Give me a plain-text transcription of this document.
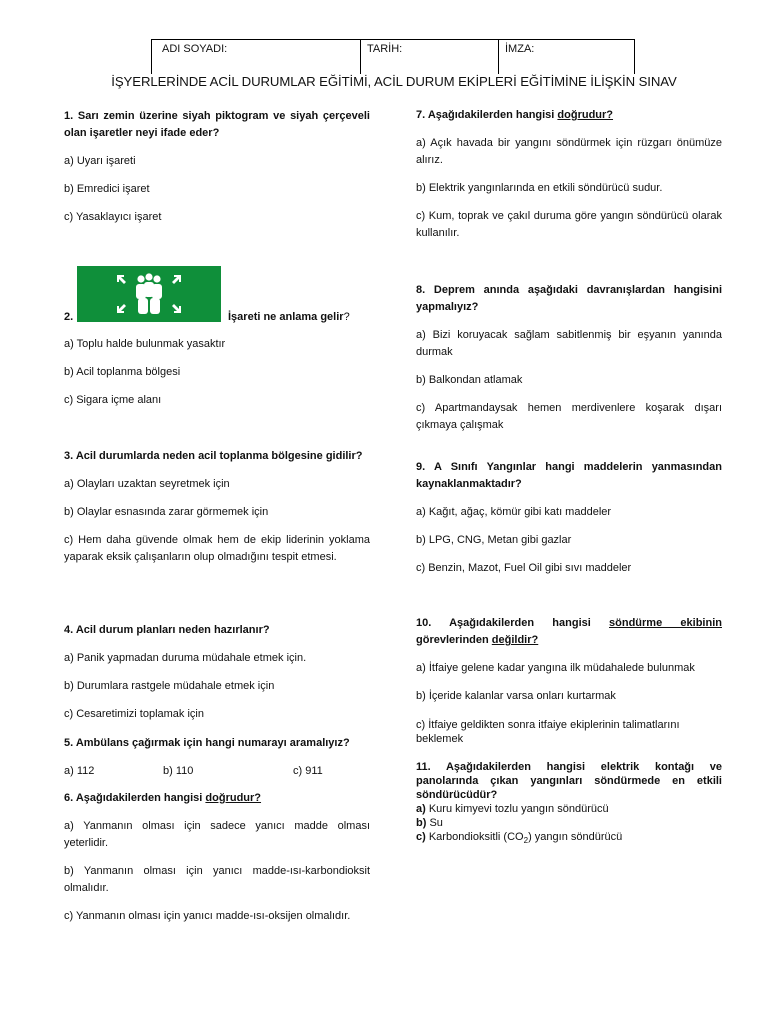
ADI SOYADI:	TARİH:	İMZA:
İŞYERLERİNDE ACİL DURUMLAR EĞİTİMİ, ACİL DURUM EKİPLERİ EĞİTİMİNE İLİŞKİN SINAV
1. Sarı zemin üzerine siyah piktogram ve siyah çerçeveli olan işaretler neyi ifade eder?
a) Uyarı işareti
b) Emredici işaret
c) Yasaklayıcı işaret
a) Toplu halde bulunmak yasaktır
b) Acil toplanma bölgesi
c) Sigara içme alanı
3. Acil durumlarda neden acil toplanma bölgesine gidilir?
a) Olayları uzaktan seyretmek için
b) Olaylar esnasında zarar görmemek için
c) Hem daha güvende olmak hem de ekip liderinin yoklama yaparak eksik çalışanların olup olmadığını tespit etmesi.
4. Acil durum planları neden hazırlanır?
a) Panik yapmadan duruma müdahale etmek için.
b) Durumlara rastgele müdahale etmek için
c) Cesaretimizi toplamak için
5. Ambülans çağırmak için hangi numarayı aramalıyız?
6. Aşağıdakilerden hangisi doğrudur?
a) Yanmanın olması için sadece yanıcı madde olması yeterlidir.
b) Yanmanın olması için yanıcı madde-ısı-karbondioksit olmalıdır.
c) Yanmanın olması için yanıcı madde-ısı-oksijen olmalıdır.
2.	İşareti ne anlama gelir?
a) 112	b) 110	c) 911
7. Aşağıdakilerden hangisi doğrudur?
a) Açık havada bir yangını söndürmek için rüzgarı önümüze alırız.
b) Elektrik yangınlarında en etkili söndürücü sudur.
c) Kum, toprak ve çakıl duruma göre yangın söndürücü olarak kullanılır.
8. Deprem anında aşağıdaki davranışlardan hangisini yapmalıyız?
a) Bizi koruyacak sağlam sabitlenmiş bir eşyanın yanında durmak
b) Balkondan atlamak
c) Apartmandaysak hemen merdivenlere koşarak dışarı çıkmaya çalışmak
9. A Sınıfı Yangınlar hangi maddelerin yanmasından kaynaklanmaktadır?
a) Kağıt, ağaç, kömür gibi katı maddeler
b) LPG, CNG, Metan gibi gazlar
c) Benzin, Mazot, Fuel Oil gibi sıvı maddeler
10. Aşağıdakilerden hangisi söndürme ekibinin görevlerinden değildir?
a) İtfaiye gelene kadar yangına ilk müdahalede bulunmak
b) İçeride kalanlar varsa onları kurtarmak
c) İtfaiye geldikten sonra itfaiye ekiplerinin talimatlarını beklemek
11. Aşağıdakilerden hangisi elektrik kontağı ve panolarında çıkan yangınları söndürmede en etkili söndürücüdür?
a) Kuru kimyevi tozlu yangın söndürücü
b) Su
c) Karbondioksitli $(CO_2)$ yangın söndürücü
